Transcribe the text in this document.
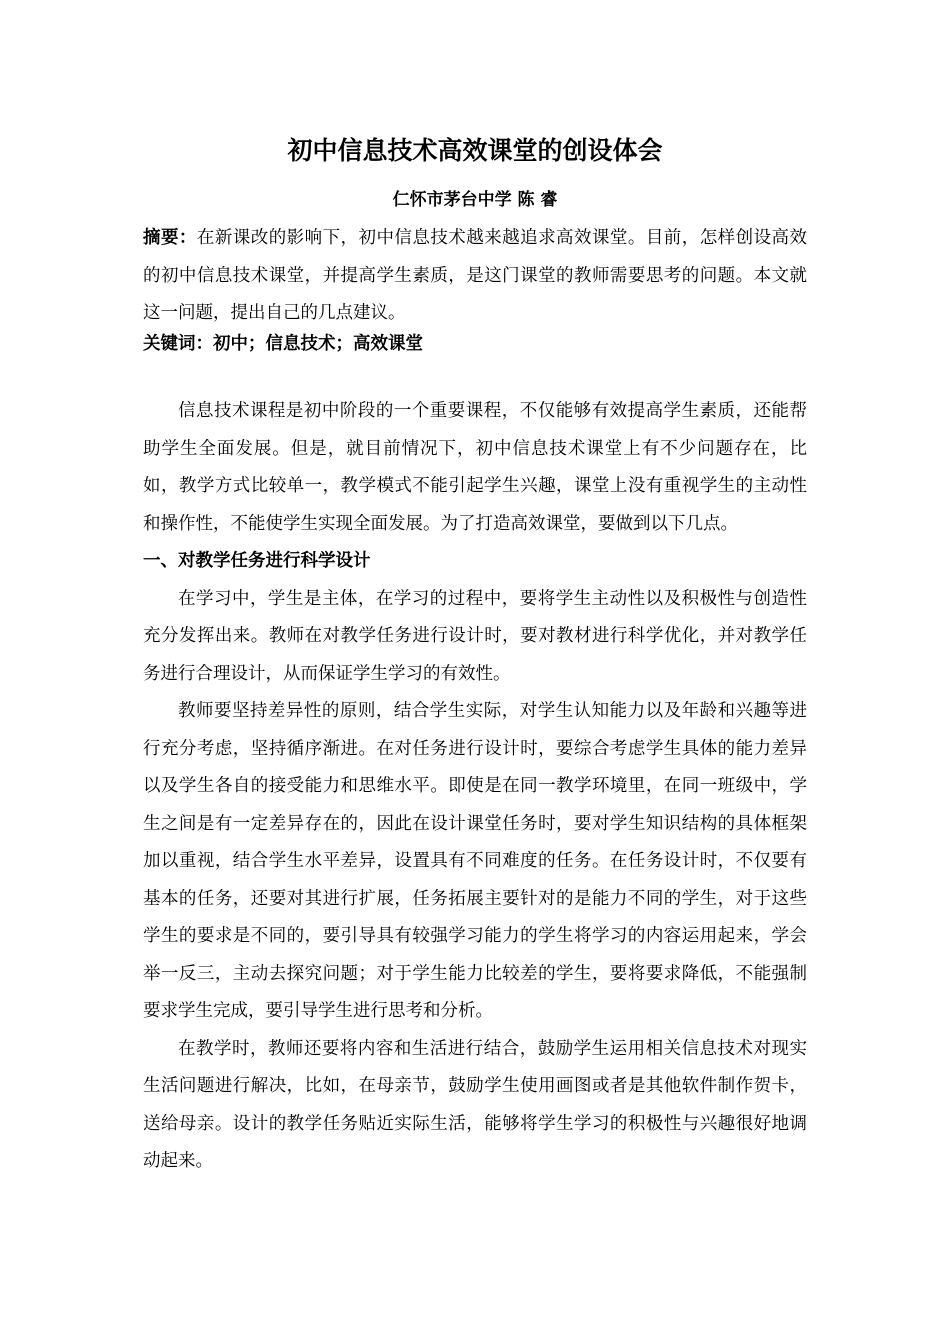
初中信息技术高效课堂的创设体会
仁怀市茅台中学 陈 睿
摘要：在新课改的影响下，初中信息技术越来越追求高效课堂。目前，怎样创设高效的初中信息技术课堂，并提高学生素质，是这门课堂的教师需要思考的问题。本文就这一问题，提出自己的几点建议。
关键词：初中；信息技术；高效课堂

信息技术课程是初中阶段的一个重要课程，不仅能够有效提高学生素质，还能帮助学生全面发展。但是，就目前情况下，初中信息技术课堂上有不少问题存在，比如，教学方式比较单一，教学模式不能引起学生兴趣，课堂上没有重视学生的主动性和操作性，不能使学生实现全面发展。为了打造高效课堂，要做到以下几点。

一、对教学任务进行科学设计

在学习中，学生是主体，在学习的过程中，要将学生主动性以及积极性与创造性充分发挥出来。教师在对教学任务进行设计时，要对教材进行科学优化，并对教学任务进行合理设计，从而保证学生学习的有效性。

教师要坚持差异性的原则，结合学生实际，对学生认知能力以及年龄和兴趣等进行充分考虑，坚持循序渐进。在对任务进行设计时，要综合考虑学生具体的能力差异以及学生各自的接受能力和思维水平。即使是在同一教学环境里，在同一班级中，学生之间是有一定差异存在的，因此在设计课堂任务时，要对学生知识结构的具体框架加以重视，结合学生水平差异，设置具有不同难度的任务。在任务设计时，不仅要有基本的任务，还要对其进行扩展，任务拓展主要针对的是能力不同的学生，对于这些学生的要求是不同的，要引导具有较强学习能力的学生将学习的内容运用起来，学会举一反三，主动去探究问题；对于学生能力比较差的学生，要将要求降低，不能强制要求学生完成，要引导学生进行思考和分析。

在教学时，教师还要将内容和生活进行结合，鼓励学生运用相关信息技术对现实生活问题进行解决，比如，在母亲节，鼓励学生使用画图或者是其他软件制作贺卡，送给母亲。设计的教学任务贴近实际生活，能够将学生学习的积极性与兴趣很好地调动起来。
